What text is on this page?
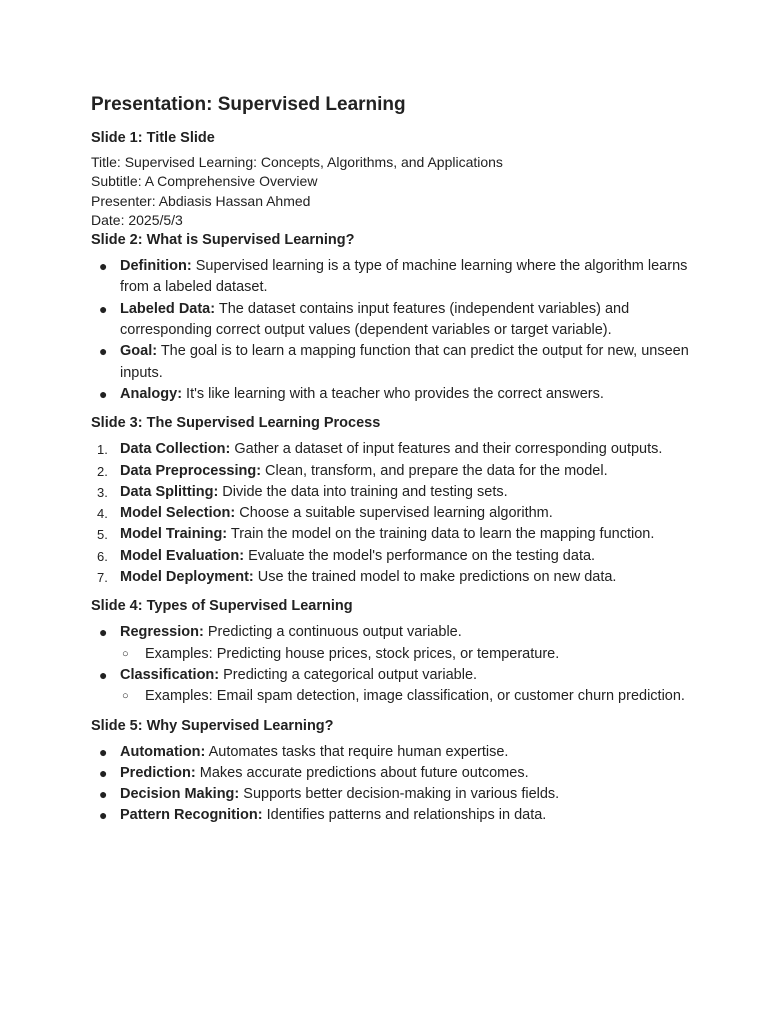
Presentation: Supervised Learning
Slide 1: Title Slide
Title: Supervised Learning: Concepts, Algorithms, and Applications
Subtitle: A Comprehensive Overview
Presenter: Abdiasis Hassan Ahmed
Date: 2025/5/3
Slide 2: What is Supervised Learning?
● Definition: Supervised learning is a type of machine learning where the algorithm learns from a labeled dataset.
● Labeled Data: The dataset contains input features (independent variables) and corresponding correct output values (dependent variables or target variable).
● Goal: The goal is to learn a mapping function that can predict the output for new, unseen inputs.
● Analogy: It's like learning with a teacher who provides the correct answers.
Slide 3: The Supervised Learning Process
1. Data Collection: Gather a dataset of input features and their corresponding outputs.
2. Data Preprocessing: Clean, transform, and prepare the data for the model.
3. Data Splitting: Divide the data into training and testing sets.
4. Model Selection: Choose a suitable supervised learning algorithm.
5. Model Training: Train the model on the training data to learn the mapping function.
6. Model Evaluation: Evaluate the model's performance on the testing data.
7. Model Deployment: Use the trained model to make predictions on new data.
Slide 4: Types of Supervised Learning
● Regression: Predicting a continuous output variable.
○ Examples: Predicting house prices, stock prices, or temperature.
● Classification: Predicting a categorical output variable.
○ Examples: Email spam detection, image classification, or customer churn prediction.
Slide 5: Why Supervised Learning?
● Automation: Automates tasks that require human expertise.
● Prediction: Makes accurate predictions about future outcomes.
● Decision Making: Supports better decision-making in various fields.
● Pattern Recognition: Identifies patterns and relationships in data.
